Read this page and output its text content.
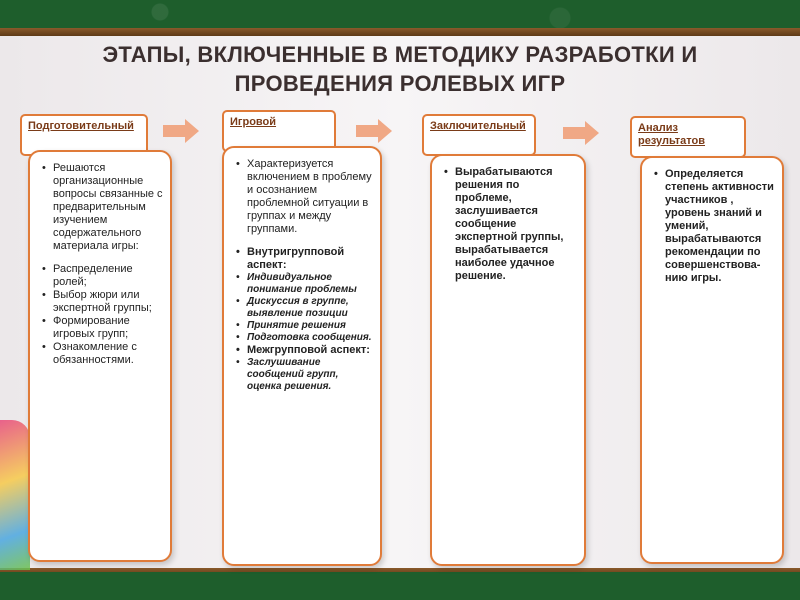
ЭТАПЫ, ВКЛЮЧЕННЫЕ В МЕТОДИКУ РАЗРАБОТКИ И
ПРОВЕДЕНИЯ РОЛЕВЫХ ИГР
Подготовительный
• Решаются организационные вопросы связанные с предварительным изучением содержательного материала игры:
• Распределение ролей;
• Выбор жюри или экспертной группы;
• Формирование игровых групп;
• Ознакомление с обязанностями.
Игровой
• Характеризуется включением в проблему и осознанием проблемной ситуации в группах и между группами.
• Внутригрупповой аспект:
• Индивидуальное понимание проблемы
• Дискуссия в группе, выявление позиции
• Принятие решения
• Подготовка сообщения.
• Межгрупповой аспект:
• Заслушивание сообщений групп, оценка решения.
Заключительный
• Вырабатываются решения по проблеме, заслушивается сообщение экспертной группы, вырабатывается наиболее удачное решение.
Анализ результатов
• Определяется степень активности участников , уровень знаний и умений, вырабатываются рекомендации по совершенствова-нию игры.
